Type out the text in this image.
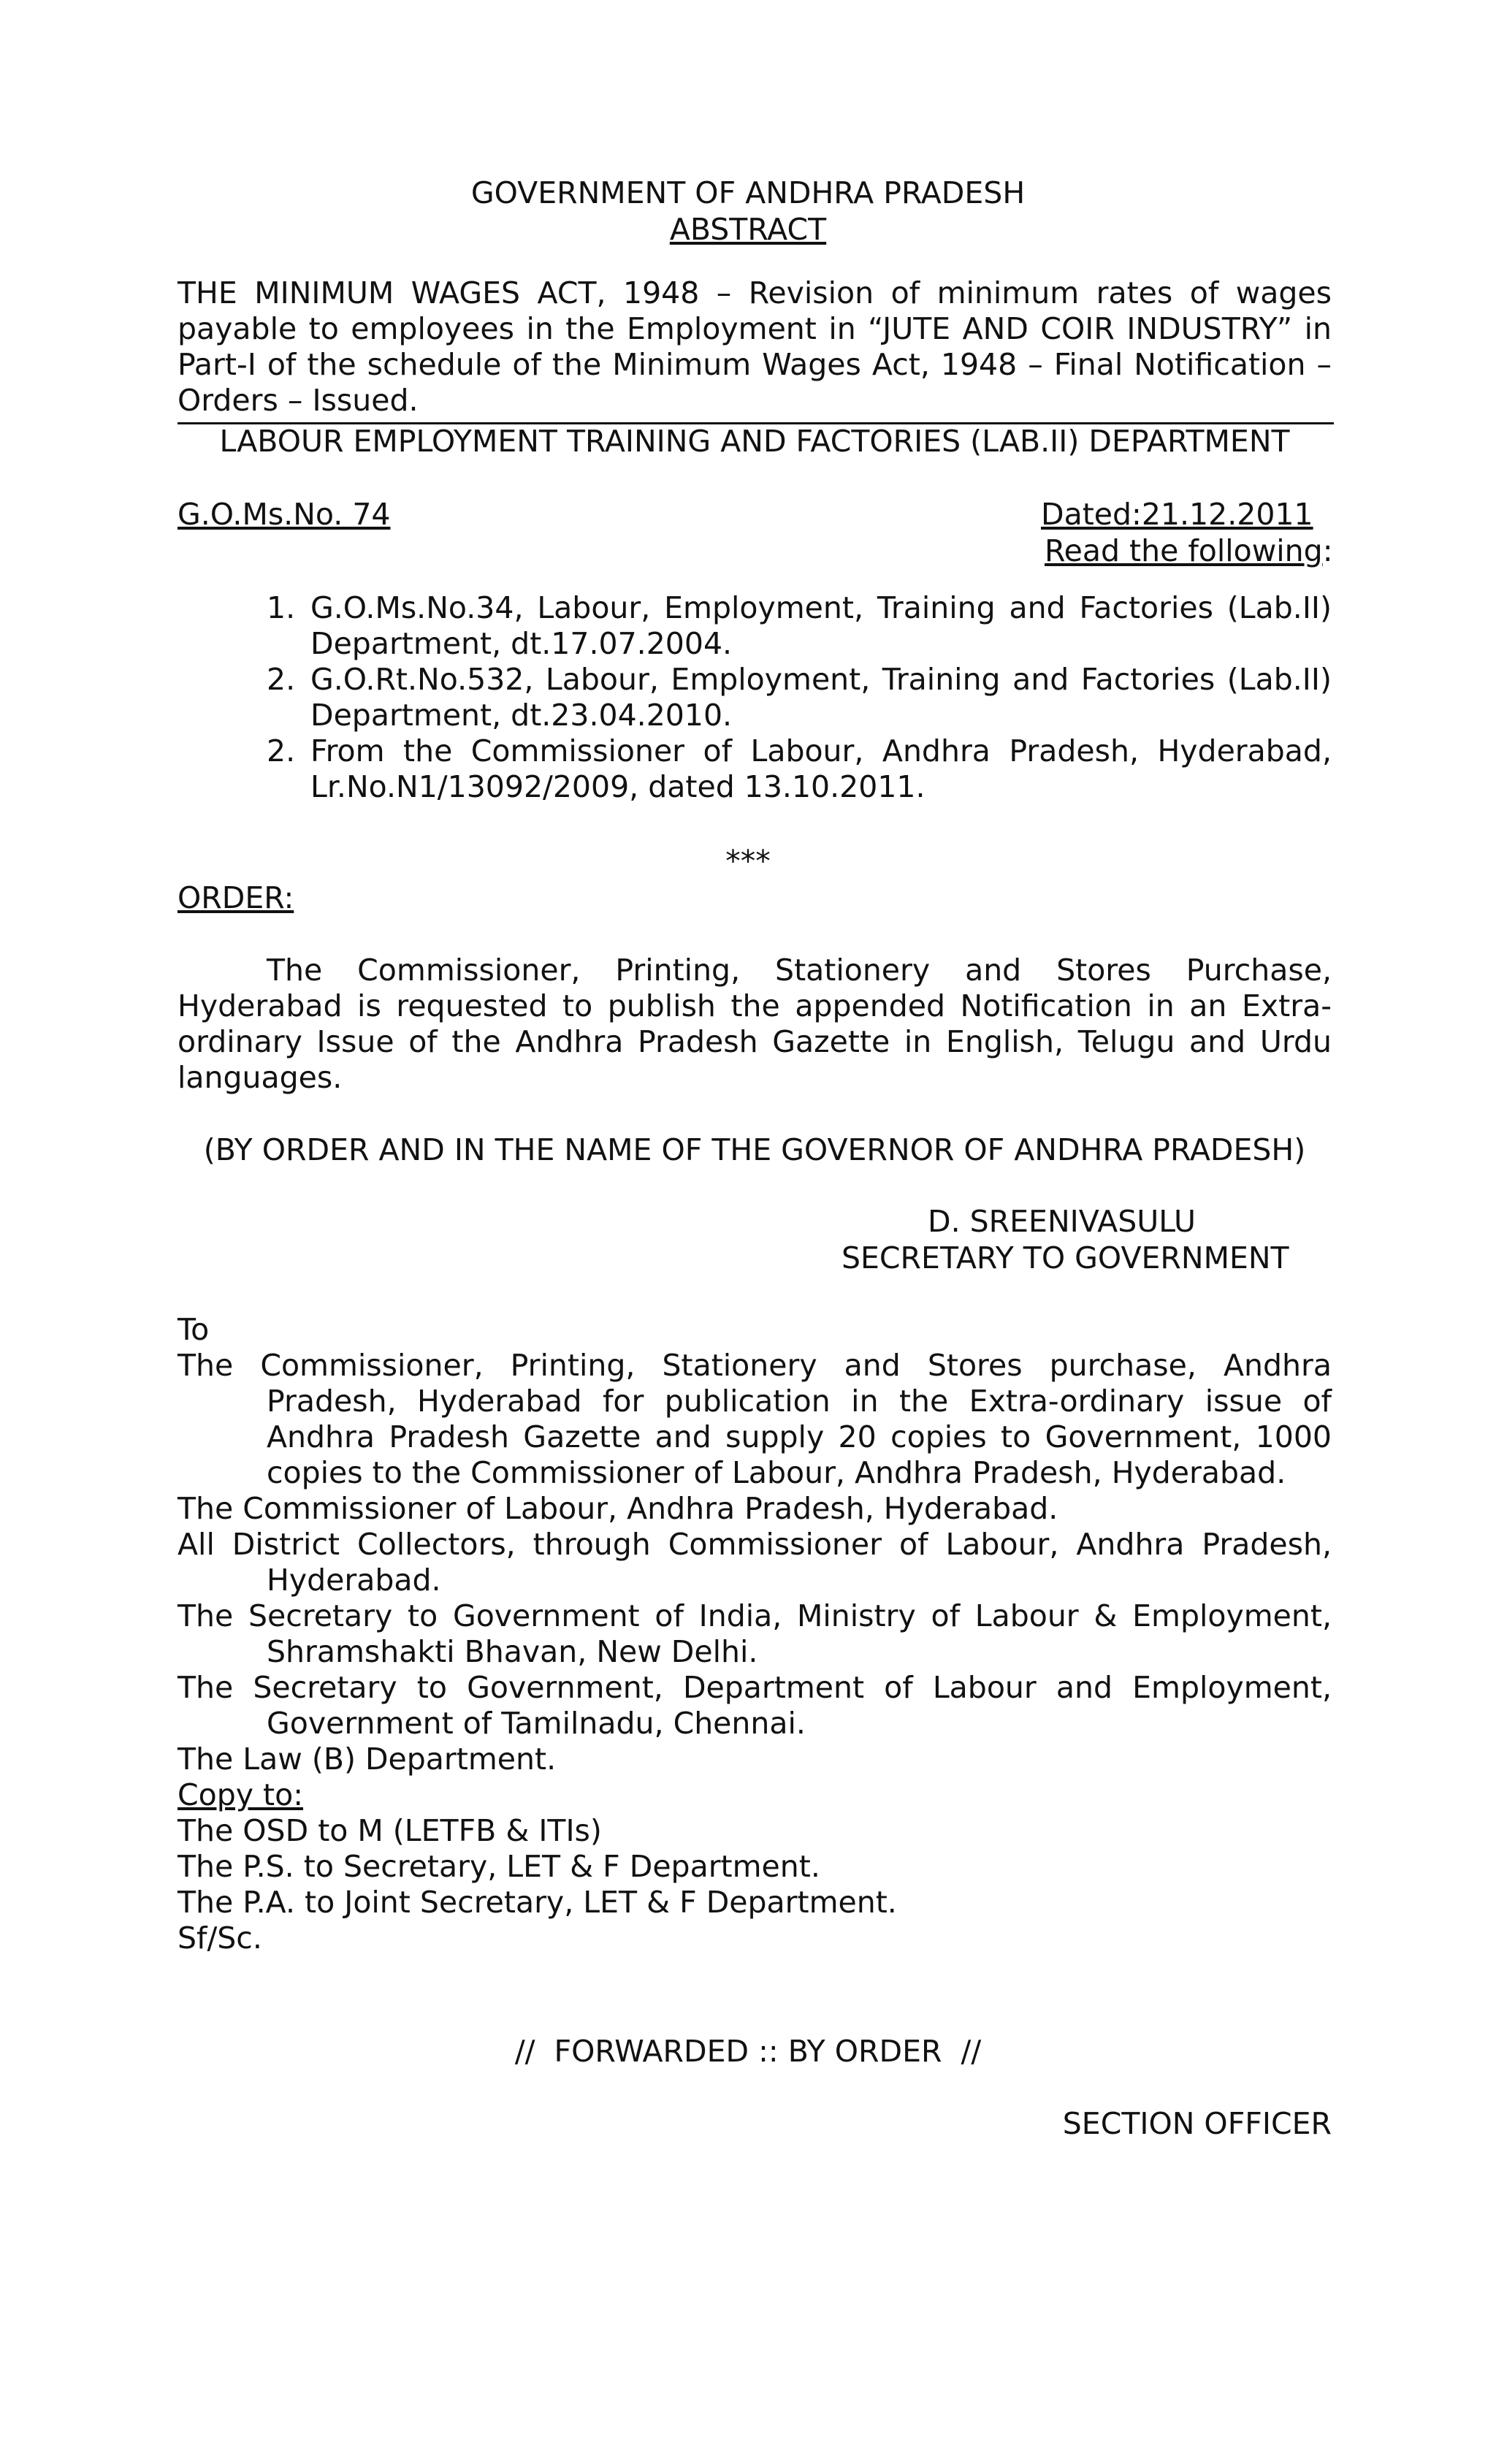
GOVERNMENT OF ANDHRA PRADESH
ABSTRACT
THE MINIMUM WAGES ACT, 1948 – Revision of minimum rates of wages payable to employees in the Employment in “JUTE AND COIR INDUSTRY” in Part-I of the schedule of the Minimum Wages Act, 1948 – Final Notification – Orders – Issued.
LABOUR EMPLOYMENT TRAINING AND FACTORIES (LAB.II) DEPARTMENT
G.O.Ms.No. 74	Dated:21.12.2011
Read the following:
1. G.O.Ms.No.34, Labour, Employment, Training and Factories (Lab.II) Department, dt.17.07.2004.
2. G.O.Rt.No.532, Labour, Employment, Training and Factories (Lab.II) Department, dt.23.04.2010.
2. From the Commissioner of Labour, Andhra Pradesh, Hyderabad, Lr.No.N1/13092/2009, dated 13.10.2011.
***
ORDER:
The Commissioner, Printing, Stationery and Stores Purchase, Hyderabad is requested to publish the appended Notification in an Extra-ordinary Issue of the Andhra Pradesh Gazette in English, Telugu and Urdu languages.
(BY ORDER AND IN THE NAME OF THE GOVERNOR OF ANDHRA PRADESH)
D. SREENIVASULU
SECRETARY TO GOVERNMENT
To
The Commissioner, Printing, Stationery and Stores purchase, Andhra Pradesh, Hyderabad for publication in the Extra-ordinary issue of Andhra Pradesh Gazette and supply 20 copies to Government, 1000 copies to the Commissioner of Labour, Andhra Pradesh, Hyderabad.
The Commissioner of Labour, Andhra Pradesh, Hyderabad.
All District Collectors, through Commissioner of Labour, Andhra Pradesh, Hyderabad.
The Secretary to Government of India, Ministry of Labour & Employment, Shramshakti Bhavan, New Delhi.
The Secretary to Government, Department of Labour and Employment, Government of Tamilnadu, Chennai.
The Law (B) Department.
Copy to:
The OSD to M (LETFB & ITIs)
The P.S. to Secretary, LET & F Department.
The P.A. to Joint Secretary, LET & F Department.
Sf/Sc.
//  FORWARDED :: BY ORDER  //
SECTION OFFICER
